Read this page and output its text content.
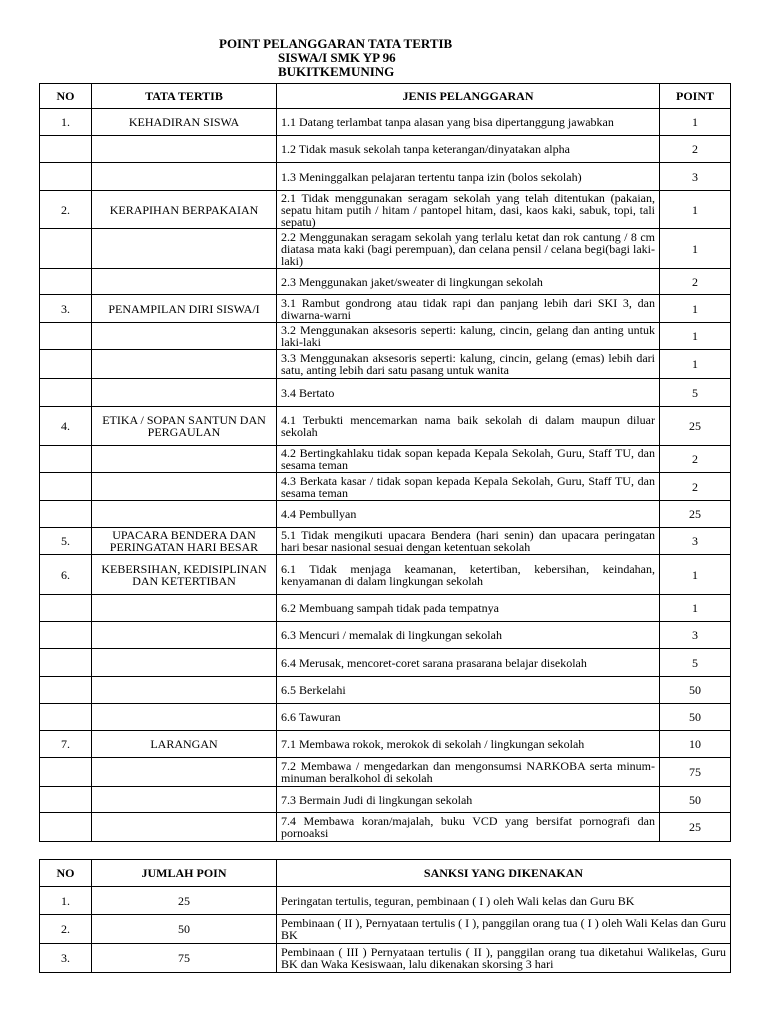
POINT PELANGGARAN TATA TERTIB
SISWA/I SMK YP 96
BUKITKEMUNING
NO	TATA TERTIB	JENIS PELANGGARAN	POINT
1.	KEHADIRAN SISWA	1.1 Datang terlambat tanpa alasan yang bisa dipertanggung jawabkan	1
		1.2 Tidak masuk sekolah tanpa keterangan/dinyatakan alpha	2
		1.3 Meninggalkan pelajaran tertentu tanpa izin (bolos sekolah)	3
2.	KERAPIHAN BERPAKAIAN	2.1 Tidak menggunakan seragam sekolah yang telah ditentukan (pakaian, sepatu hitam putih / hitam / pantopel hitam, dasi, kaos kaki, sabuk, topi, tali sepatu)	1
		2.2 Menggunakan seragam sekolah yang terlalu ketat dan rok cantung / 8 cm diatasa mata kaki (bagi perempuan), dan celana pensil / celana begi(bagi laki-laki)	1
		2.3 Menggunakan jaket/sweater di lingkungan sekolah	2
3.	PENAMPILAN DIRI SISWA/I	3.1 Rambut gondrong atau tidak rapi dan panjang lebih dari SKI 3, dan diwarna-warni	1
		3.2 Menggunakan aksesoris seperti: kalung, cincin, gelang dan anting untuk laki-laki	1
		3.3 Menggunakan aksesoris seperti: kalung, cincin, gelang (emas) lebih dari satu, anting lebih dari satu pasang untuk wanita	1
		3.4 Bertato	5
4.	ETIKA / SOPAN SANTUN DAN PERGAULAN	4.1 Terbukti mencemarkan nama baik sekolah di dalam maupun diluar sekolah	25
		4.2 Bertingkahlaku tidak sopan kepada Kepala Sekolah, Guru, Staff TU, dan sesama teman	2
		4.3 Berkata kasar / tidak sopan kepada Kepala Sekolah, Guru, Staff TU, dan sesama teman	2
		4.4 Pembullyan	25
5.	UPACARA BENDERA DAN PERINGATAN HARI BESAR	5.1 Tidak mengikuti upacara Bendera (hari senin) dan upacara peringatan hari besar nasional sesuai dengan ketentuan sekolah	3
6.	KEBERSIHAN, KEDISIPLINAN DAN KETERTIBAN	6.1 Tidak menjaga keamanan, ketertiban, kebersihan, keindahan, kenyamanan di dalam lingkungan sekolah	1
		6.2 Membuang sampah tidak pada tempatnya	1
		6.3 Mencuri / memalak di lingkungan sekolah	3
		6.4 Merusak, mencoret-coret sarana prasarana belajar disekolah	5
		6.5 Berkelahi	50
		6.6 Tawuran	50
7.	LARANGAN	7.1 Membawa rokok, merokok di sekolah / lingkungan sekolah	10
		7.2 Membawa / mengedarkan dan mengonsumsi NARKOBA serta minum-minuman beralkohol di sekolah	75
		7.3 Bermain Judi di lingkungan sekolah	50
		7.4 Membawa koran/majalah, buku VCD yang bersifat pornografi dan pornoaksi	25
NO	JUMLAH POIN	SANKSI YANG DIKENAKAN
1.	25	Peringatan tertulis, teguran, pembinaan ( I ) oleh Wali kelas dan Guru BK
2.	50	Pembinaan ( II ), Pernyataan tertulis ( I ), panggilan orang tua ( I ) oleh Wali Kelas dan Guru BK
3.	75	Pembinaan ( III ) Pernyataan tertulis ( II ), panggilan orang tua diketahui Walikelas, Guru BK dan Waka Kesiswaan, lalu dikenakan skorsing 3 hari
